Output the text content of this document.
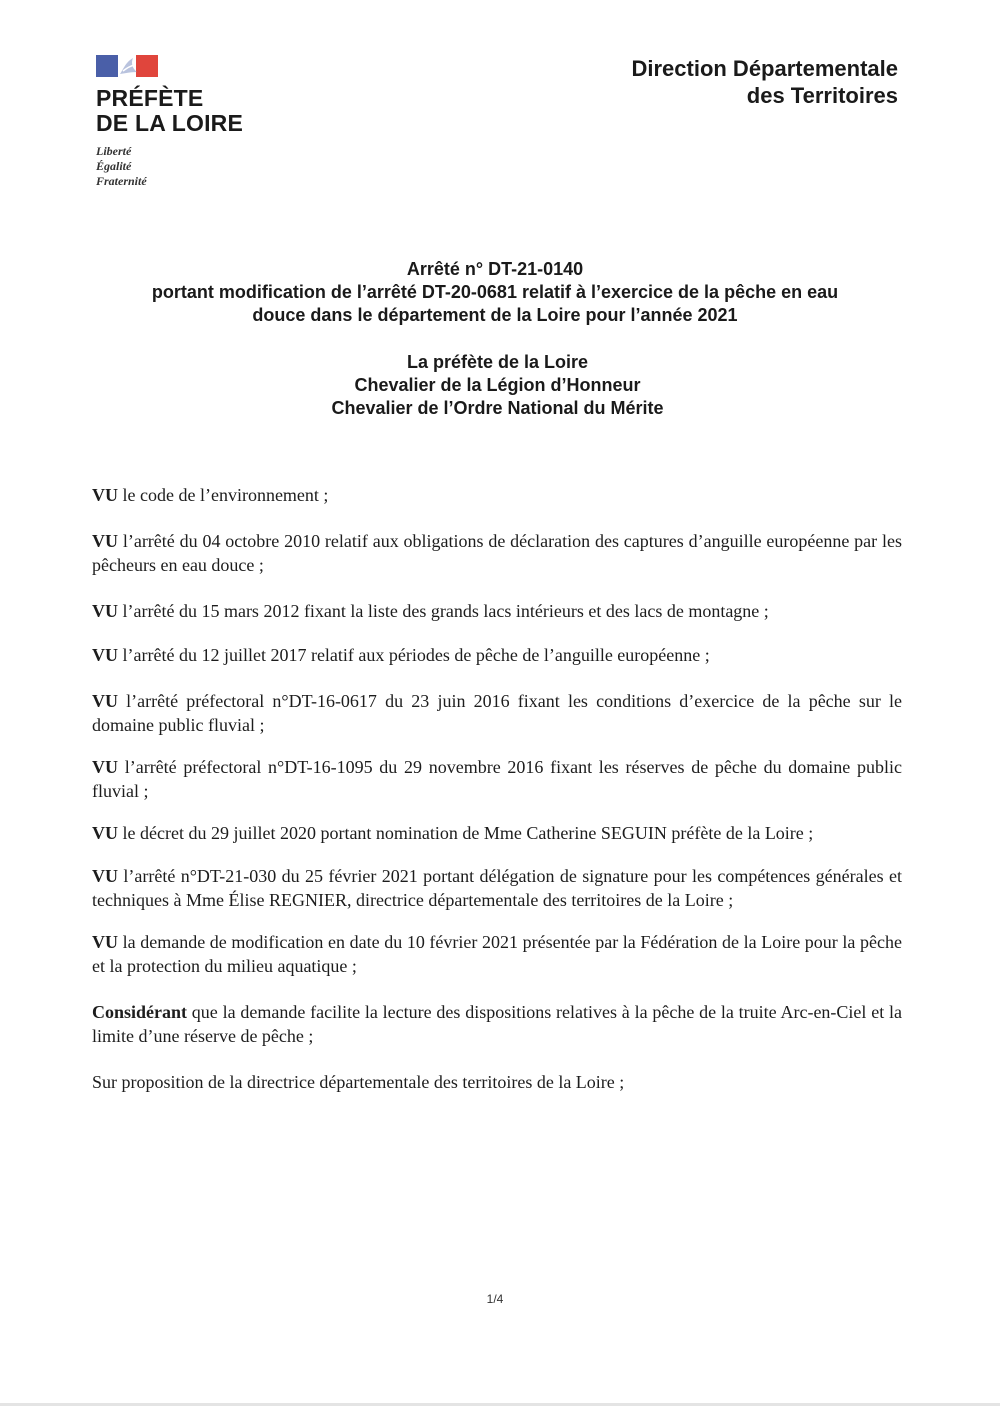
PRÉFÈTE
DE LA LOIRE
Liberté
Égalité
Fraternité
Direction Départementale
des Territoires
Arrêté n° DT-21-0140
portant modification de l’arrêté DT-20-0681 relatif à l’exercice de la pêche en eau
douce dans le département de la Loire pour l’année 2021
La préfète de la Loire
Chevalier de la Légion d’Honneur
Chevalier de l’Ordre National du Mérite

VU le code de l’environnement ;

VU l’arrêté du 04 octobre 2010 relatif aux obligations de déclaration des captures d’anguille européenne par les pêcheurs en eau douce ;

VU l’arrêté du 15 mars 2012 fixant la liste des grands lacs intérieurs et des lacs de montagne ;

VU l’arrêté du 12 juillet 2017 relatif aux périodes de pêche de l’anguille européenne ;

VU l’arrêté préfectoral n°DT-16-0617 du 23 juin 2016 fixant les conditions d’exercice de la pêche sur le domaine public fluvial ;

VU l’arrêté préfectoral n°DT-16-1095 du 29 novembre 2016 fixant les réserves de pêche du domaine public fluvial ;

VU le décret du 29 juillet 2020 portant nomination de Mme Catherine SEGUIN préfète de la Loire ;

VU l’arrêté n°DT-21-030 du 25 février 2021 portant délégation de signature pour les compétences générales et techniques à Mme Élise REGNIER, directrice départementale des territoires de la Loire ;

VU la demande de modification en date du 10 février 2021 présentée par la Fédération de la Loire pour la pêche et la protection du milieu aquatique ;

Considérant que la demande facilite la lecture des dispositions relatives à la pêche de la truite Arc-en-Ciel et la limite d’une réserve de pêche ;

Sur proposition de la directrice départementale des territoires de la Loire ;

1/4
